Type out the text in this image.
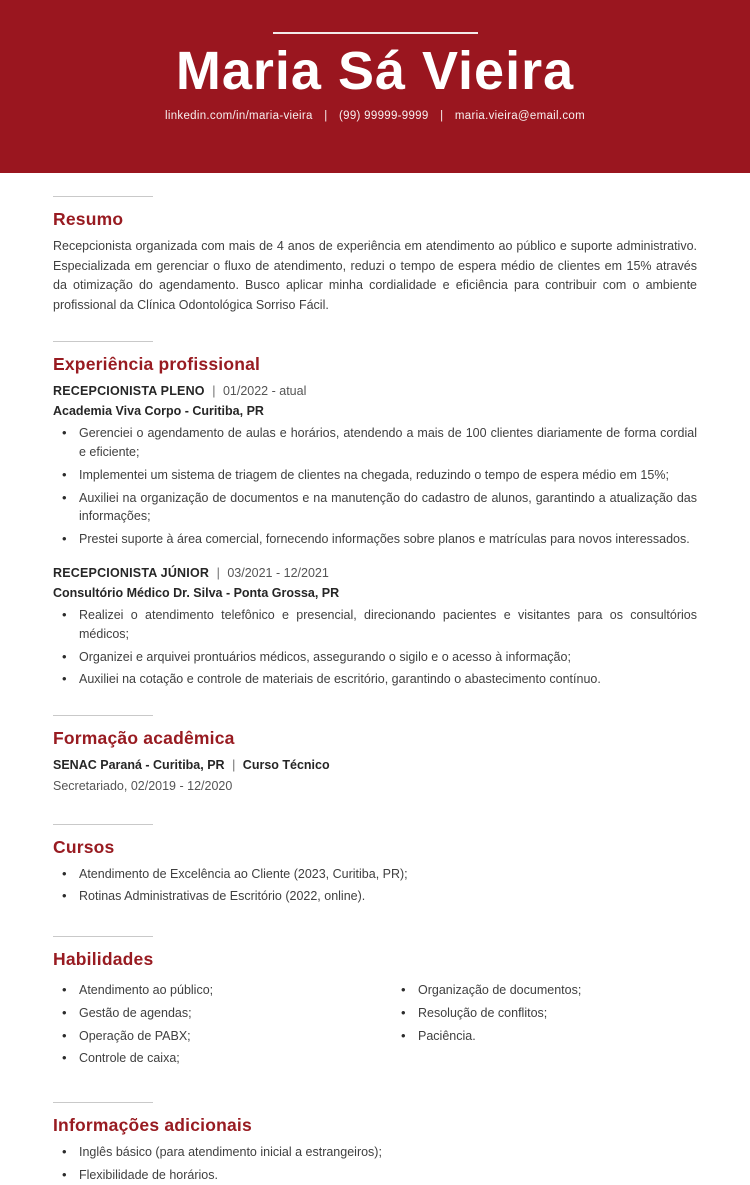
Maria Sá Vieira
linkedin.com/in/maria-vieira | (99) 99999-9999 | maria.vieira@email.com
Resumo

Recepcionista organizada com mais de 4 anos de experiência em atendimento ao público e suporte administrativo. Especializada em gerenciar o fluxo de atendimento, reduzi o tempo de espera médio de clientes em 15% através da otimização do agendamento. Busco aplicar minha cordialidade e eficiência para contribuir com o ambiente profissional da Clínica Odontológica Sorriso Fácil.

Experiência profissional
RECEPCIONISTA PLENO | 01/2022 - atual
Academia Viva Corpo - Curitiba, PR
• Gerenciei o agendamento de aulas e horários, atendendo a mais de 100 clientes diariamente de forma cordial e eficiente;
• Implementei um sistema de triagem de clientes na chegada, reduzindo o tempo de espera médio em 15%;
• Auxiliei na organização de documentos e na manutenção do cadastro de alunos, garantindo a atualização das informações;
• Prestei suporte à área comercial, fornecendo informações sobre planos e matrículas para novos interessados.
RECEPCIONISTA JÚNIOR | 03/2021 - 12/2021
Consultório Médico Dr. Silva - Ponta Grossa, PR
• Realizei o atendimento telefônico e presencial, direcionando pacientes e visitantes para os consultórios médicos;
• Organizei e arquivei prontuários médicos, assegurando o sigilo e o acesso à informação;
• Auxiliei na cotação e controle de materiais de escritório, garantindo o abastecimento contínuo.
Formação acadêmica
SENAC Paraná - Curitiba, PR | Curso Técnico
Secretariado, 02/2019 - 12/2020
Cursos
• Atendimento de Excelência ao Cliente (2023, Curitiba, PR);
• Rotinas Administrativas de Escritório (2022, online).
Habilidades
• Atendimento ao público;
• Gestão de agendas;
• Operação de PABX;
• Controle de caixa;
• Organização de documentos;
• Resolução de conflitos;
• Paciência.
Informações adicionais
• Inglês básico (para atendimento inicial a estrangeiros);
• Flexibilidade de horários.
